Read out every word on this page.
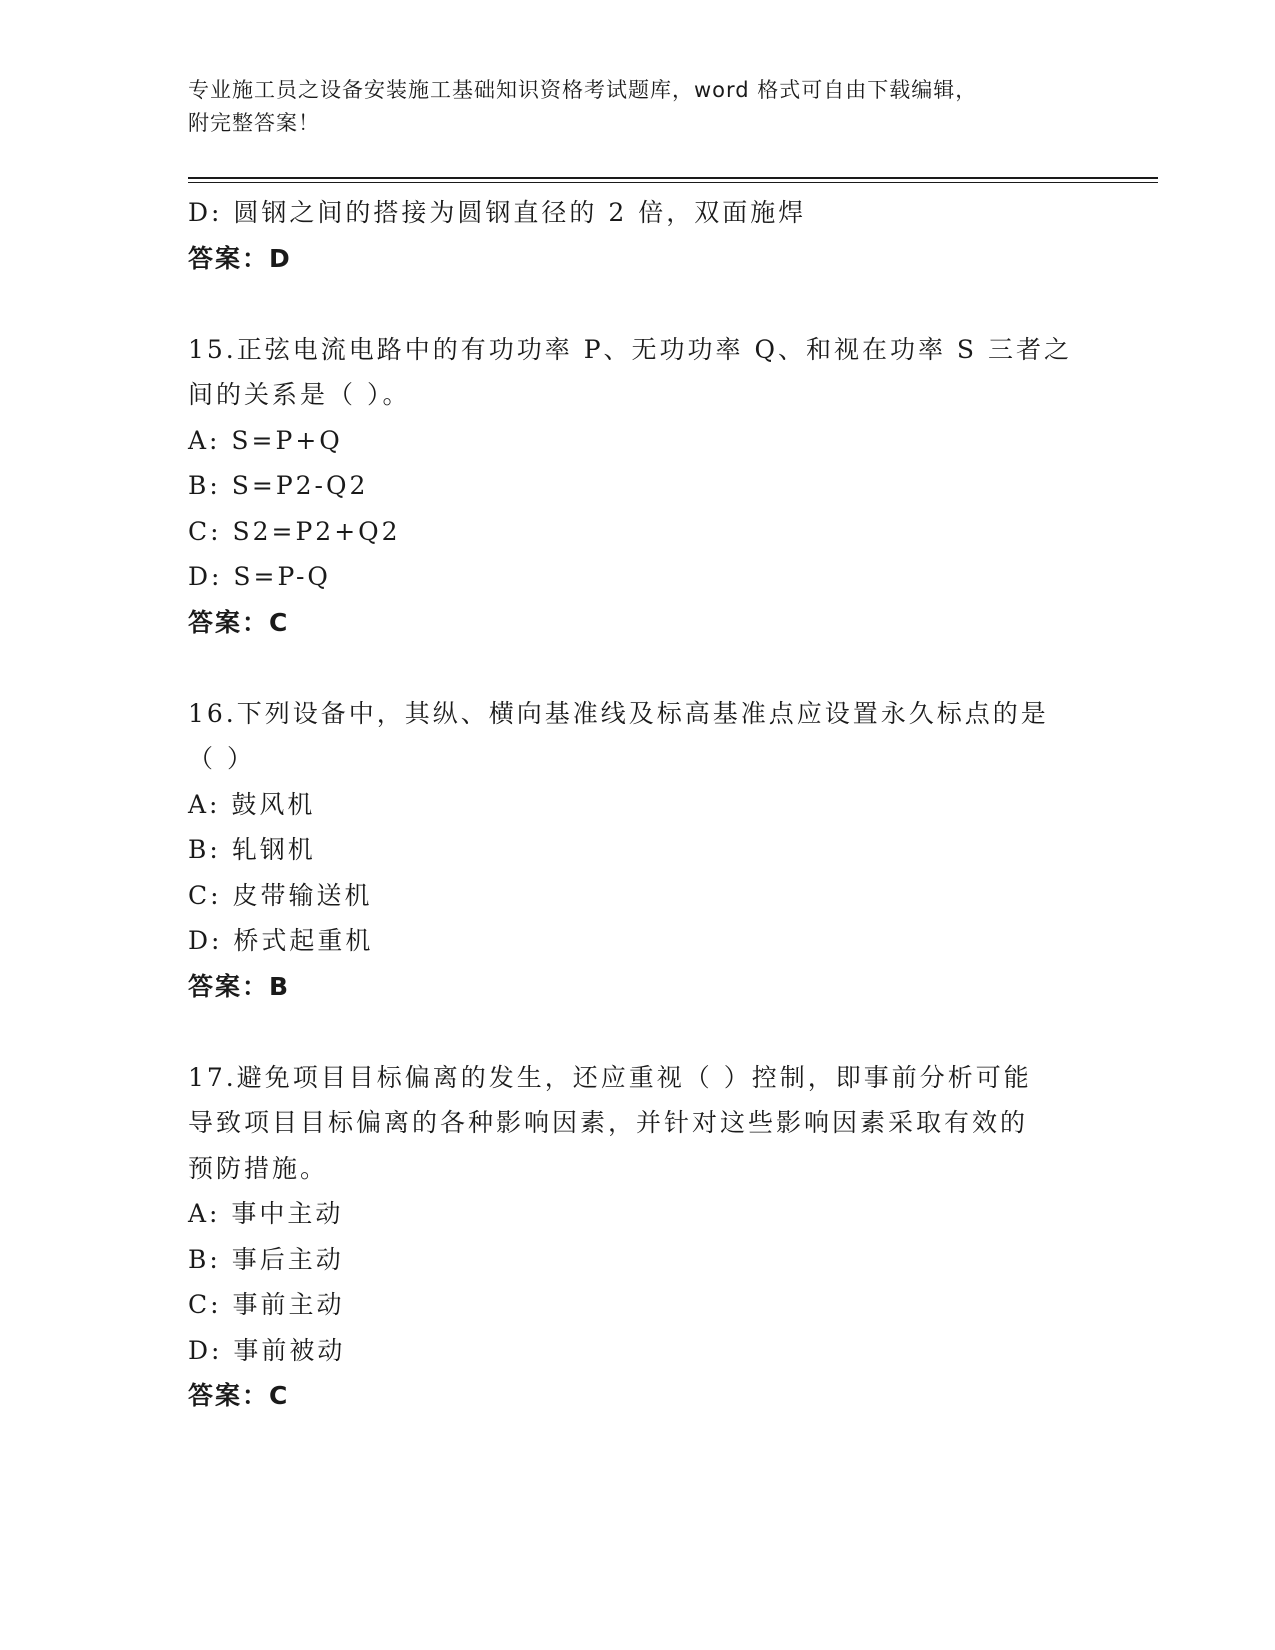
专业施工员之设备安装施工基础知识资格考试题库，word 格式可自由下载编辑，
附完整答案！
D: 圆钢之间的搭接为圆钢直径的 2 倍，双面施焊
答案：D
15.正弦电流电路中的有功功率 P、无功功率 Q、和视在功率 S 三者之
间的关系是（ ）。
A: S=P+Q
B: S=P2-Q2
C: S2=P2+Q2
D: S=P-Q
答案：C
16.下列设备中，其纵、横向基准线及标高基准点应设置永久标点的是
（ ）
A: 鼓风机
B: 轧钢机
C: 皮带输送机
D: 桥式起重机
答案：B
17.避免项目目标偏离的发生，还应重视（ ）控制，即事前分析可能
导致项目目标偏离的各种影响因素，并针对这些影响因素采取有效的
预防措施。
A: 事中主动
B: 事后主动
C: 事前主动
D: 事前被动
答案：C
